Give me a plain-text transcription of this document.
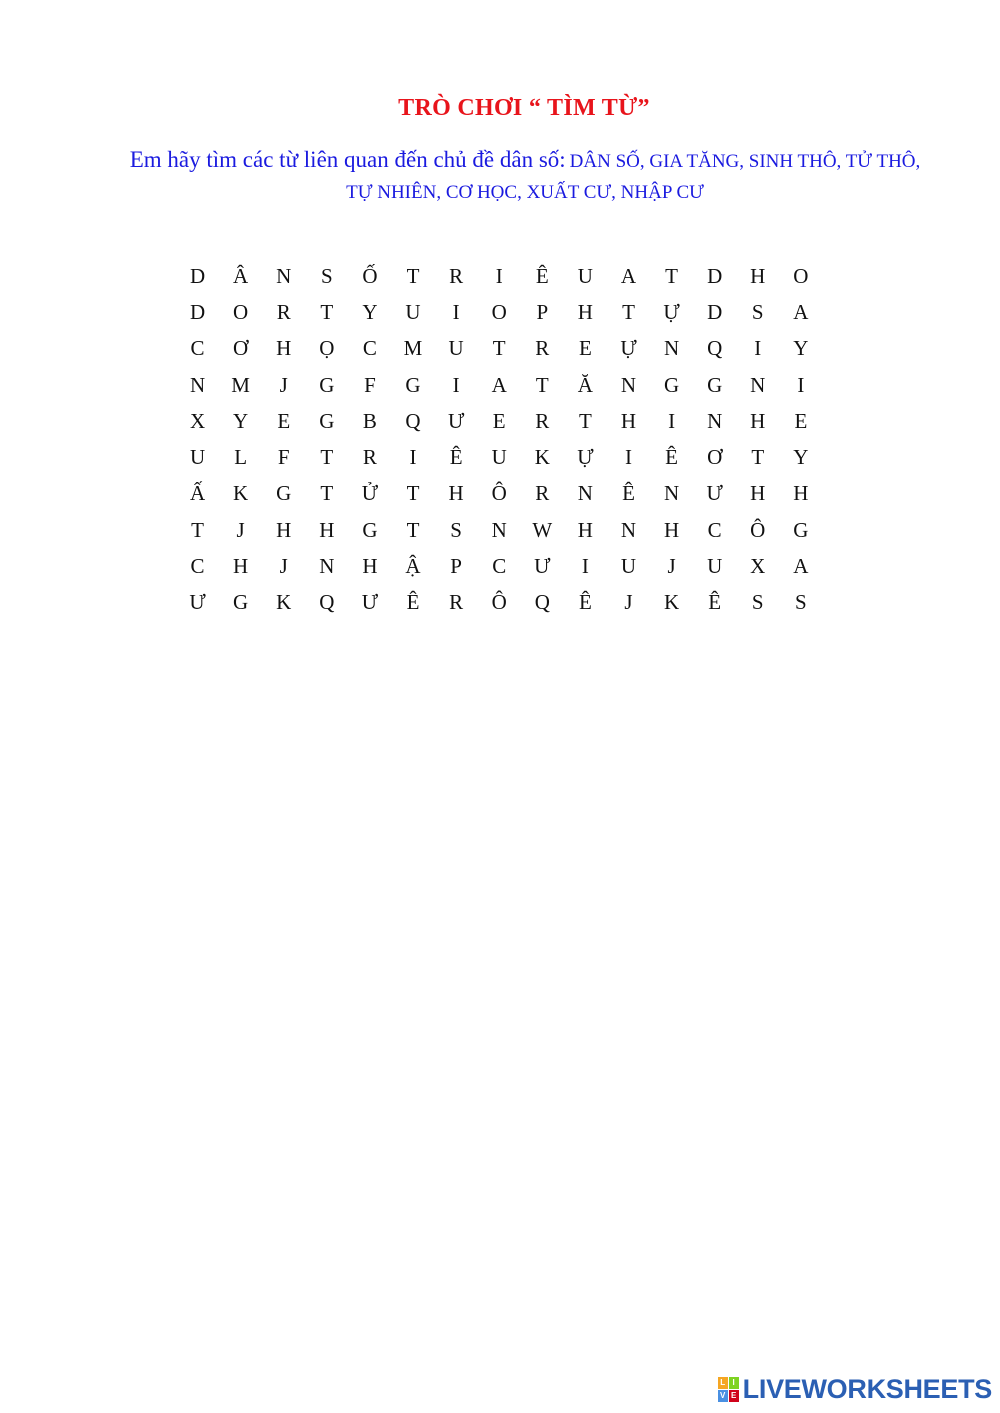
TRÒ CHƠI “ TÌM TỪ”
Em hãy tìm các từ liên quan đến chủ đề dân số: DÂN SỐ, GIA TĂNG, SINH THÔ, TỬ THÔ, TỰ NHIÊN, CƠ HỌC, XUẤT CƯ, NHẬP CƯ
D	Â	N	S	Ố	T	R	I	Ê	U	A	T	D	H	O
D	O	R	T	Y	U	I	O	P	H	T	Ự	D	S	A
C	Ơ	H	Ọ	C	M	U	T	R	E	Ự	N	Q	I	Y
N	M	J	G	F	G	I	A	T	Ă	N	G	G	N	I
X	Y	E	G	B	Q	Ư	E	R	T	H	I	N	H	E
U	L	F	T	R	I	Ê	U	K	Ự	I	Ê	Ơ	T	Y
Ấ	K	G	T	Ử	T	H	Ô	R	N	Ê	N	Ư	H	H
T	J	H	H	G	T	S	N	W	H	N	H	C	Ô	G
C	H	J	N	H	Ậ	P	C	Ư	I	U	J	U	X	A
Ư	G	K	Q	Ư	Ê	R	Ô	Q	Ê	J	K	Ê	S	S
L I
V E LIVEWORKSHEETS
